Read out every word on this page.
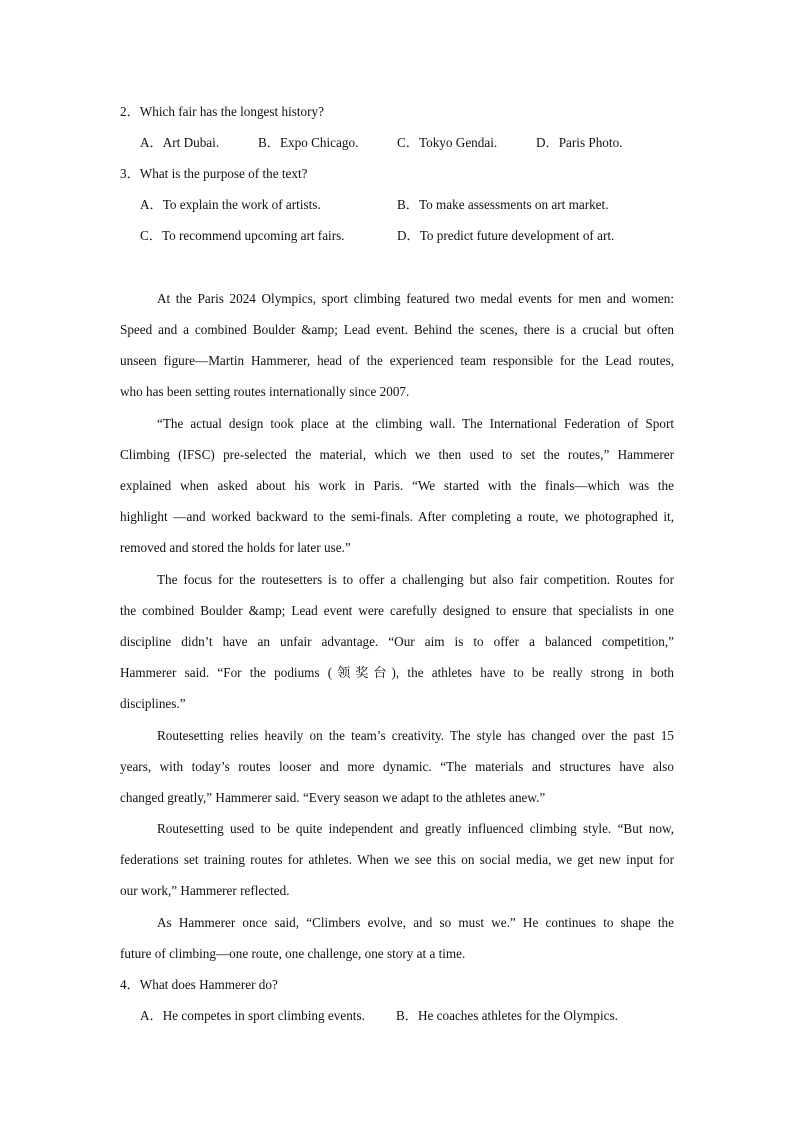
2．Which fair has the longest history?
A．Art Dubai.	B．Expo Chicago.	C．Tokyo Gendai.	D．Paris Photo.
3．What is the purpose of the text?
A．To explain the work of artists.	B．To make assessments on art market.
C．To recommend upcoming art fairs.	D．To predict future development of art.
At the Paris 2024 Olympics, sport climbing featured two medal events for men and women:
Speed and a combined Boulder &amp; Lead event. Behind the scenes, there is a crucial but often
unseen figure—Martin Hammerer, head of the experienced team responsible for the Lead routes,
who has been setting routes internationally since 2007.
“The actual design took place at the climbing wall. The International Federation of Sport
Climbing (IFSC) pre-selected the material, which we then used to set the routes,” Hammerer
explained when asked about his work in Paris. “We started with the finals—which was the
highlight —and worked backward to the semi-finals. After completing a route, we photographed it,
removed and stored the holds for later use.”
The focus for the routesetters is to offer a challenging but also fair competition. Routes for
the combined Boulder &amp; Lead event were carefully designed to ensure that specialists in one
discipline didn’t have an unfair advantage. “Our aim is to offer a balanced competition,”
Hammerer said. “For the podiums (领奖台), the athletes have to be really strong in both
disciplines.”
Routesetting relies heavily on the team’s creativity. The style has changed over the past 15
years, with today’s routes looser and more dynamic. “The materials and structures have also
changed greatly,” Hammerer said. “Every season we adapt to the athletes anew.”
Routesetting used to be quite independent and greatly influenced climbing style. “But now,
federations set training routes for athletes. When we see this on social media, we get new input for
our work,” Hammerer reflected.
As Hammerer once said, “Climbers evolve, and so must we.” He continues to shape the
future of climbing—one route, one challenge, one story at a time.
4．What does Hammerer do?
A．He competes in sport climbing events. B．He coaches athletes for the Olympics.
